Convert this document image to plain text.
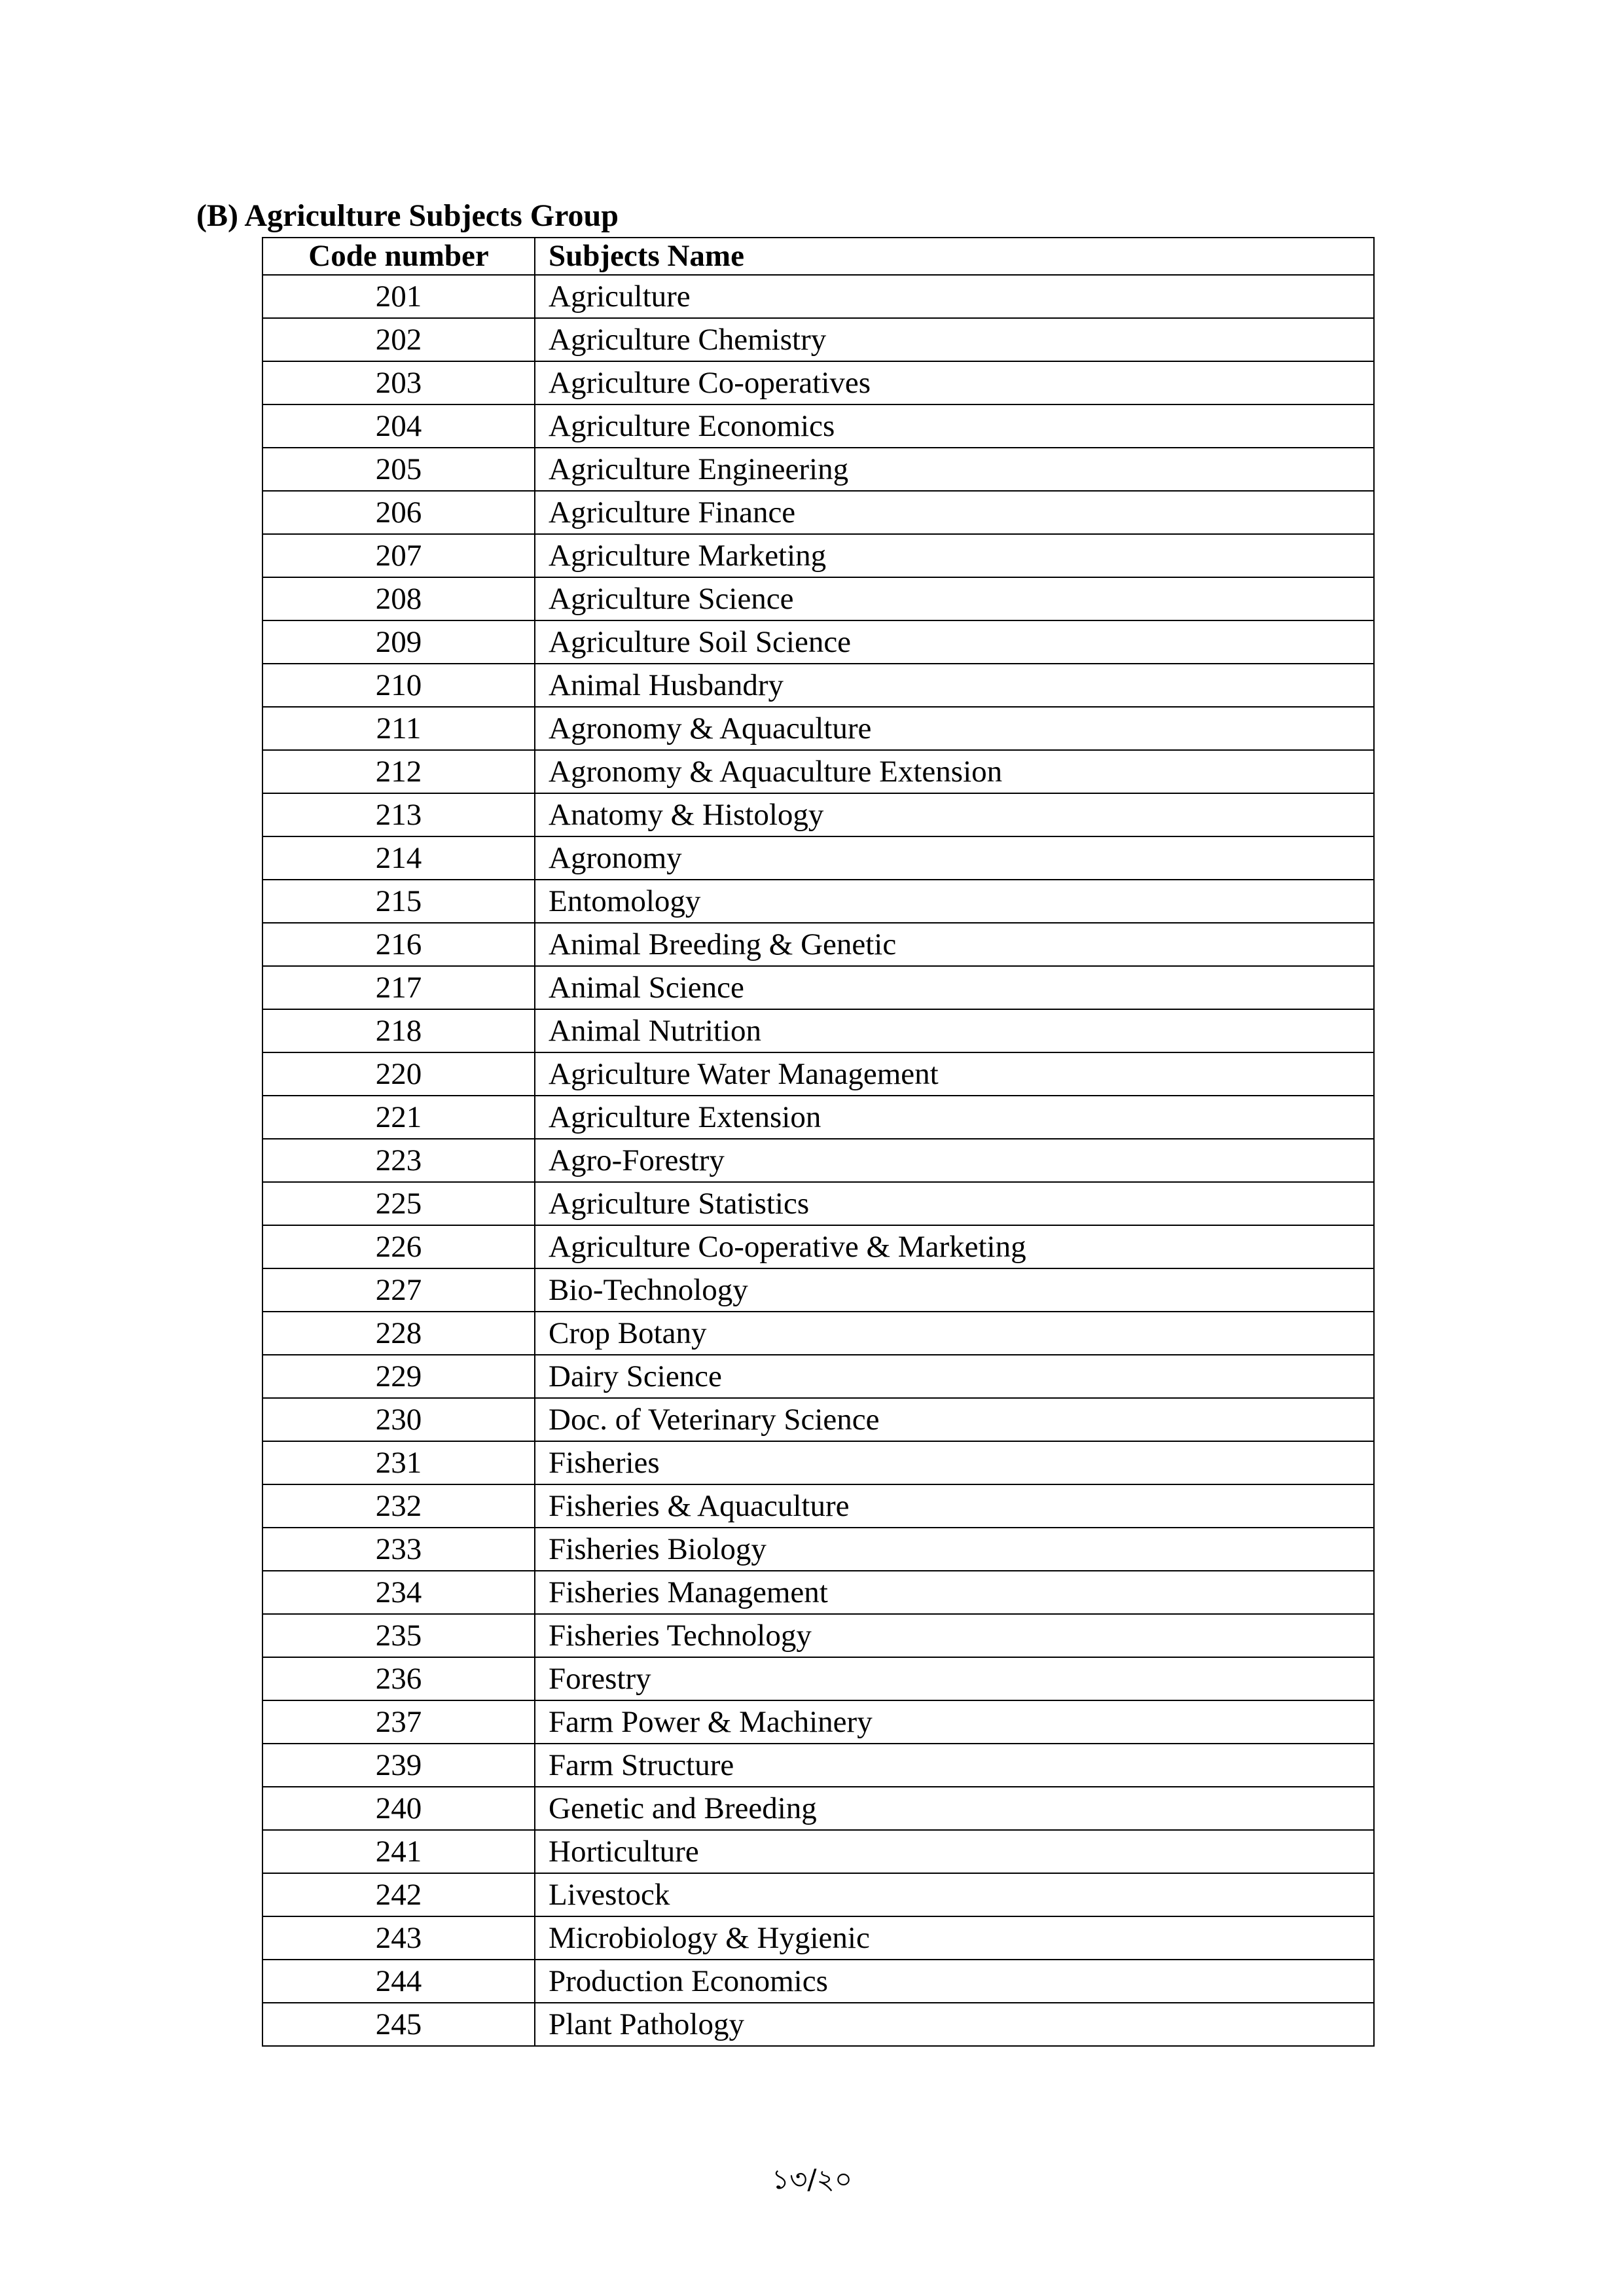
(B) Agriculture Subjects Group
Code number	Subjects Name
201	Agriculture
202	Agriculture Chemistry
203	Agriculture Co-operatives
204	Agriculture Economics
205	Agriculture Engineering
206	Agriculture Finance
207	Agriculture Marketing
208	Agriculture Science
209	Agriculture Soil Science
210	Animal Husbandry
211	Agronomy & Aquaculture
212	Agronomy & Aquaculture Extension
213	Anatomy & Histology
214	Agronomy
215	Entomology
216	Animal Breeding & Genetic
217	Animal Science
218	Animal Nutrition
220	Agriculture Water Management
221	Agriculture Extension
223	Agro-Forestry
225	Agriculture Statistics
226	Agriculture Co-operative & Marketing
227	Bio-Technology
228	Crop Botany
229	Dairy Science
230	Doc. of Veterinary Science
231	Fisheries
232	Fisheries & Aquaculture
233	Fisheries Biology
234	Fisheries Management
235	Fisheries Technology
236	Forestry
237	Farm Power & Machinery
239	Farm Structure
240	Genetic and Breeding
241	Horticulture
242	Livestock
243	Microbiology & Hygienic
244	Production Economics
245	Plant Pathology
১৩/২০
